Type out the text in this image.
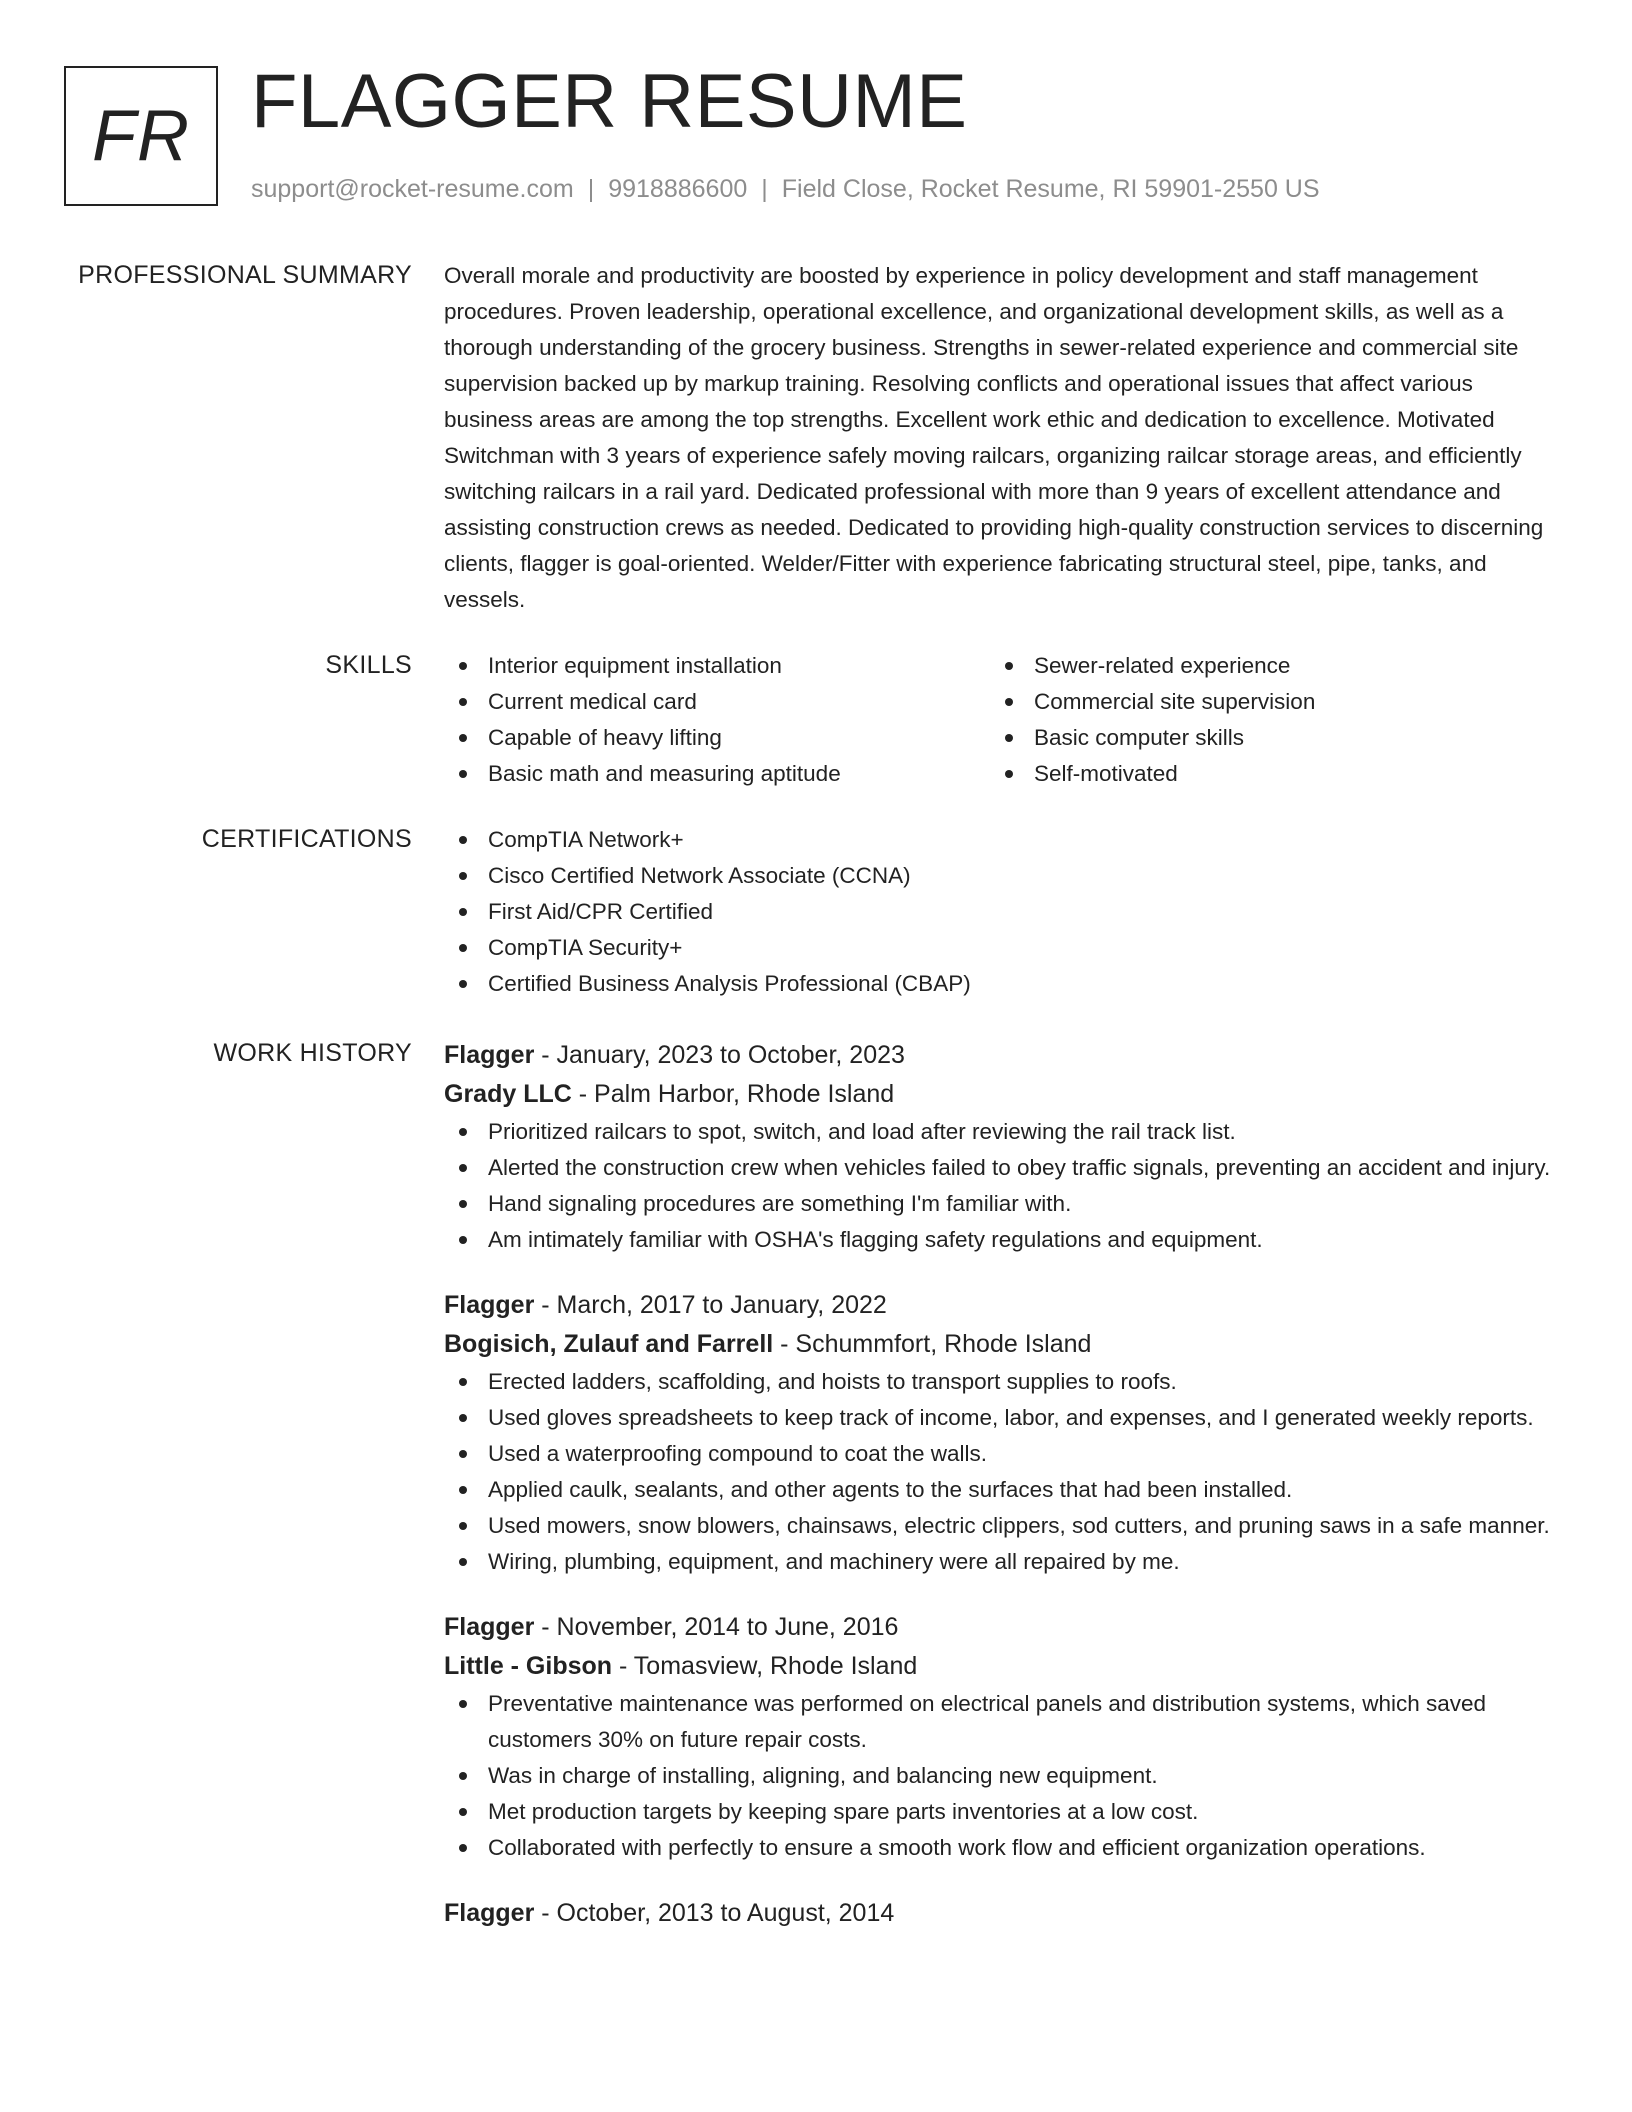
FR FLAGGER RESUME
support@rocket-resume.com | 9918886600 | Field Close, Rocket Resume, RI 59901-2550 US
PROFESSIONAL SUMMARY Overall morale and productivity are boosted by experience in policy development and staff management procedures. Proven leadership, operational excellence, and organizational development skills, as well as a thorough understanding of the grocery business. Strengths in sewer-related experience and commercial site supervision backed up by markup training. Resolving conflicts and operational issues that affect various business areas are among the top strengths. Excellent work ethic and dedication to excellence. Motivated Switchman with 3 years of experience safely moving railcars, organizing railcar storage areas, and efficiently switching railcars in a rail yard. Dedicated professional with more than 9 years of excellent attendance and assisting construction crews as needed. Dedicated to providing high-quality construction services to discerning clients, flagger is goal-oriented. Welder/Fitter with experience fabricating structural steel, pipe, tanks, and vessels.

SKILLS	Interior equipment installation
Current medical card
Capable of heavy lifting
Basic math and measuring aptitude
Sewer-related experience
Commercial site supervision
Basic computer skills
Self-motivated
CERTIFICATIONS	CompTIA Network+
Cisco Certified Network Associate (CCNA)
First Aid/CPR Certified
CompTIA Security+
Certified Business Analysis Professional (CBAP)
WORK HISTORY Flagger - January, 2023 to October, 2023
Grady LLC - Palm Harbor, Rhode Island
Prioritized railcars to spot, switch, and load after reviewing the rail track list.
Alerted the construction crew when vehicles failed to obey traffic signals, preventing an accident and injury.
Hand signaling procedures are something I'm familiar with.
Am intimately familiar with OSHA's flagging safety regulations and equipment.
Flagger - March, 2017 to January, 2022
Bogisich, Zulauf and Farrell - Schummfort, Rhode Island
Erected ladders, scaffolding, and hoists to transport supplies to roofs.
Used gloves spreadsheets to keep track of income, labor, and expenses, and I generated weekly reports.
Used a waterproofing compound to coat the walls.
Applied caulk, sealants, and other agents to the surfaces that had been installed.
Used mowers, snow blowers, chainsaws, electric clippers, sod cutters, and pruning saws in a safe manner.
Wiring, plumbing, equipment, and machinery were all repaired by me.
Flagger - November, 2014 to June, 2016
Little - Gibson - Tomasview, Rhode Island
Preventative maintenance was performed on electrical panels and distribution systems, which saved customers 30% on future repair costs.
Was in charge of installing, aligning, and balancing new equipment.
Met production targets by keeping spare parts inventories at a low cost.
Collaborated with perfectly to ensure a smooth work flow and efficient organization operations.
Flagger - October, 2013 to August, 2014
